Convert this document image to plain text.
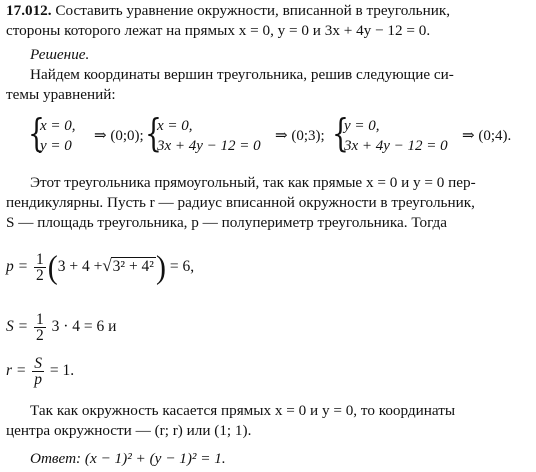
17.012. Составить уравнение окружности, вписанной в треугольник,
стороны которого лежат на прямых x = 0, y = 0 и 3x + 4y − 12 = 0.
Решение.
Найдем координаты вершин треугольника, решив следующие си-
темы уравнений:
{
x = 0,
y = 0
⇒ (0;0); {
x = 0,
3x + 4y − 12 = 0
⇒ (0;3); {
y = 0,
3x + 4y − 12 = 0
⇒ (0;4).
Этот треугольника прямоугольный, так как прямые x = 0 и y = 0 пер-
пендикулярны. Пусть r — радиус вписанной окружности в треугольник,
S — площадь треугольника, p — полупериметр треугольника. Тогда
$p = \frac{1}{2} (3 + 4 +√3^2 + 4^2) = 6$,
$S = \frac{1}{2} 3 \cdot 4 = 6$ и
$r = \frac{S}{p} = 1$.
Так как окружность касается прямых x = 0 и y = 0, то координаты
центра окружности — (r; r) или (1; 1).
Ответ: (x − 1)² + (y − 1)² = 1.
